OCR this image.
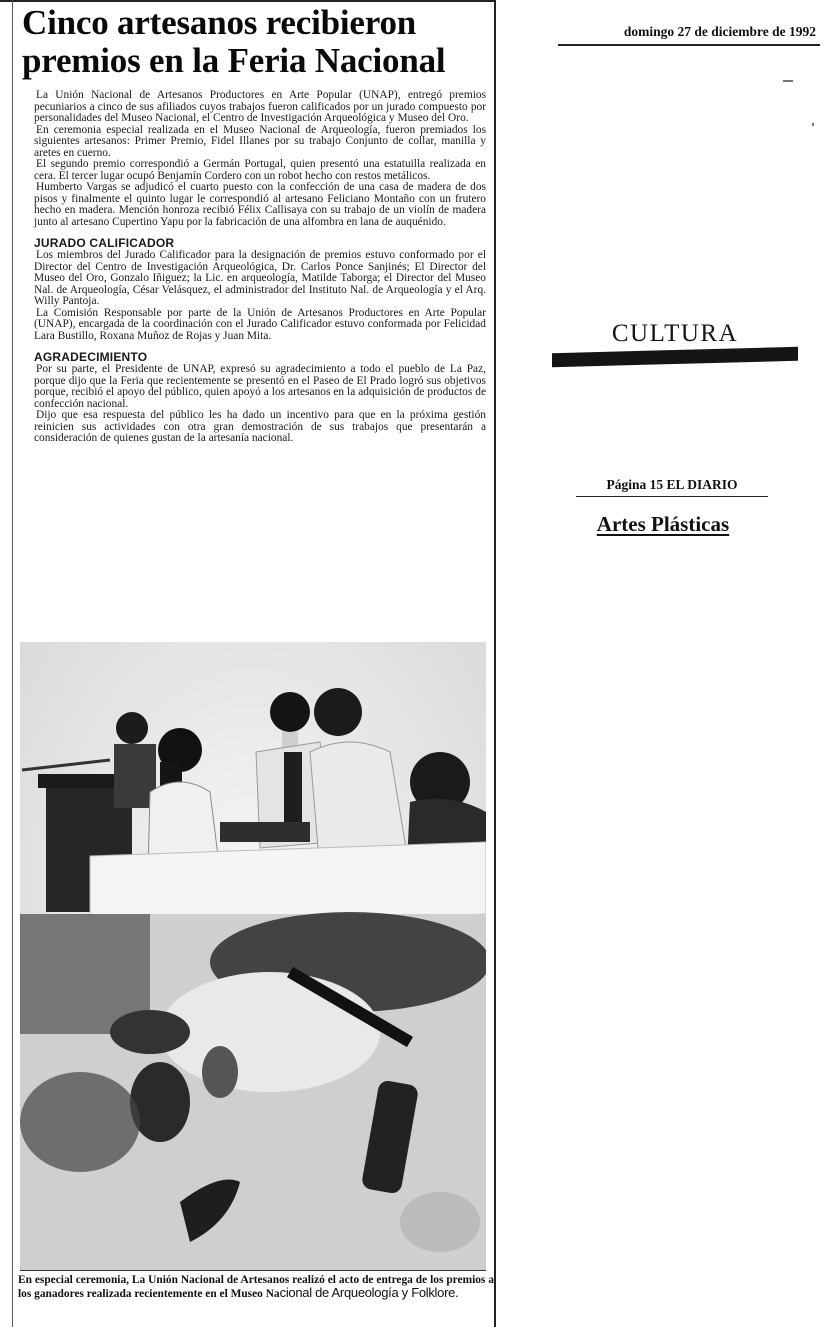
Cinco artesanos recibieron premios en la Feria Nacional

La Unión Nacional de Artesanos Productores en Arte Popular (UNAP), entregó premios pecuniarios a cinco de sus afiliados cuyos trabajos fueron calificados por un jurado compuesto por personalidades del Museo Nacional, el Centro de Investigación Arqueológica y Museo del Oro.

En ceremonia especial realizada en el Museo Nacional de Arqueología, fueron premiados los siguientes artesanos: Primer Premio, Fidel Illanes por su trabajo Conjunto de collar, manilla y aretes en cuerno.

El segundo premio correspondió a Germán Portugal, quien presentó una estatuilla realizada en cera. El tercer lugar ocupó Benjamín Cordero con un robot hecho con restos metálicos.

Humberto Vargas se adjudicó el cuarto puesto con la confección de una casa de madera de dos pisos y finalmente el quinto lugar le correspondió al artesano Feliciano Montaño con un frutero hecho en madera. Mención honroza recibió Félix Callisaya con su trabajo de un violín de madera junto al artesano Cupertino Yapu por la fabricación de una alfombra en lana de auquénido.

JURADO CALIFICADOR

Los miembros del Jurado Calificador para la designación de premios estuvo conformado por el Director del Centro de Investigación Arqueológica, Dr. Carlos Ponce Sanjinés; El Director del Museo del Oro, Gonzalo Iñiguez; la Lic. en arqueología, Matilde Taborga; el Director del Museo Nal. de Arqueología, César Velásquez, el administrador del Instituto Nal. de Arqueología y el Arq. Willy Pantoja.

La Comisión Responsable por parte de la Unión de Artesanos Productores en Arte Popular (UNAP), encargada de la coordinación con el Jurado Calificador estuvo conformada por Felicidad Lara Bustillo, Roxana Muñoz de Rojas y Juan Mita.

AGRADECIMIENTO

Por su parte, el Presidente de UNAP, expresó su agradecimiento a todo el pueblo de La Paz, porque dijo que la Feria que recientemente se presentó en el Paseo de El Prado logró sus objetivos porque, recibió el apoyo del público, quien apoyó a los artesanos en la adquisición de productos de confección nacional.

Dijo que esa respuesta del público les ha dado un incentivo para que en la próxima gestión reinicien sus actividades con otra gran demostración de sus trabajos que presentarán a consideración de quienes gustan de la artesanía nacional.

En especial ceremonia, La Unión Nacional de Artesanos realizó el acto de entrega de los premios a los ganadores realizada recientemente en el Museo Nacional de Arqueología y Folklore.
domingo 27 de diciembre de 1992
CULTURA
Página 15 EL DIARIO
Artes Plásticas
